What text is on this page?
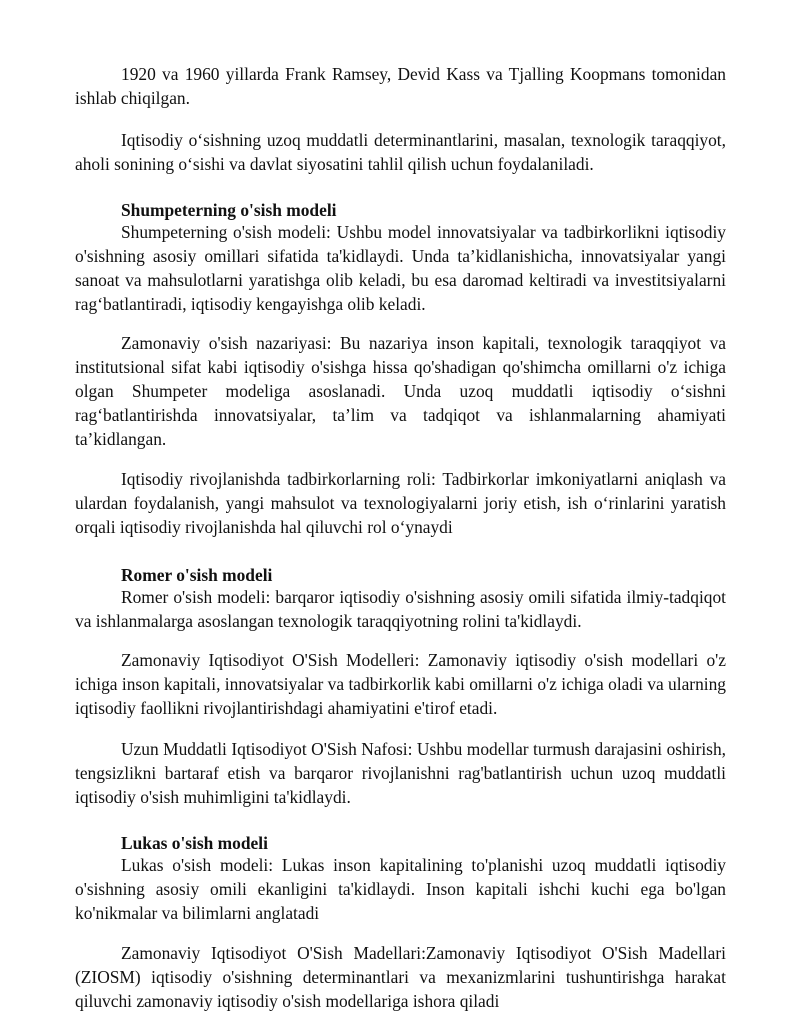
1920 va 1960 yillarda Frank Ramsey, Devid Kass va Tjalling Koopmans tomonidan ishlab chiqilgan.

Iqtisodiy o‘sishning uzoq muddatli determinantlarini, masalan, texnologik taraqqiyot, aholi sonining o‘sishi va davlat siyosatini tahlil qilish uchun foydalaniladi.

Shumpeterning o'sish modeli

Shumpeterning o'sish modeli: Ushbu model innovatsiyalar va tadbirkorlikni iqtisodiy o'sishning asosiy omillari sifatida ta'kidlaydi. Unda ta’kidlanishicha, innovatsiyalar yangi sanoat va mahsulotlarni yaratishga olib keladi, bu esa daromad keltiradi va investitsiyalarni rag‘batlantiradi, iqtisodiy kengayishga olib keladi.

Zamonaviy o'sish nazariyasi: Bu nazariya inson kapitali, texnologik taraqqiyot va institutsional sifat kabi iqtisodiy o'sishga hissa qo'shadigan qo'shimcha omillarni o'z ichiga olgan Shumpeter modeliga asoslanadi. Unda uzoq muddatli iqtisodiy o‘sishni rag‘batlantirishda innovatsiyalar, ta’lim va tadqiqot va ishlanmalarning ahamiyati ta’kidlangan.

Iqtisodiy rivojlanishda tadbirkorlarning roli: Tadbirkorlar imkoniyatlarni aniqlash va ulardan foydalanish, yangi mahsulot va texnologiyalarni joriy etish, ish o‘rinlarini yaratish orqali iqtisodiy rivojlanishda hal qiluvchi rol o‘ynaydi

Romer o'sish modeli

Romer o'sish modeli: barqaror iqtisodiy o'sishning asosiy omili sifatida ilmiy-tadqiqot va ishlanmalarga asoslangan texnologik taraqqiyotning rolini ta'kidlaydi.

Zamonaviy Iqtisodiyot O'Sish Modelleri: Zamonaviy iqtisodiy o'sish modellari o'z ichiga inson kapitali, innovatsiyalar va tadbirkorlik kabi omillarni o'z ichiga oladi va ularning iqtisodiy faollikni rivojlantirishdagi ahamiyatini e'tirof etadi.

Uzun Muddatli Iqtisodiyot O'Sish Nafosi: Ushbu modellar turmush darajasini oshirish, tengsizlikni bartaraf etish va barqaror rivojlanishni rag'batlantirish uchun uzoq muddatli iqtisodiy o'sish muhimligini ta'kidlaydi.

Lukas o'sish modeli

Lukas o'sish modeli: Lukas inson kapitalining to'planishi uzoq muddatli iqtisodiy o'sishning asosiy omili ekanligini ta'kidlaydi. Inson kapitali ishchi kuchi ega bo'lgan ko'nikmalar va bilimlarni anglatadi

Zamonaviy Iqtisodiyot O'Sish Madellari:Zamonaviy Iqtisodiyot O'Sish Madellari (ZIOSM) iqtisodiy o'sishning determinantlari va mexanizmlarini tushuntirishga harakat qiluvchi zamonaviy iqtisodiy o'sish modellariga ishora qiladi
